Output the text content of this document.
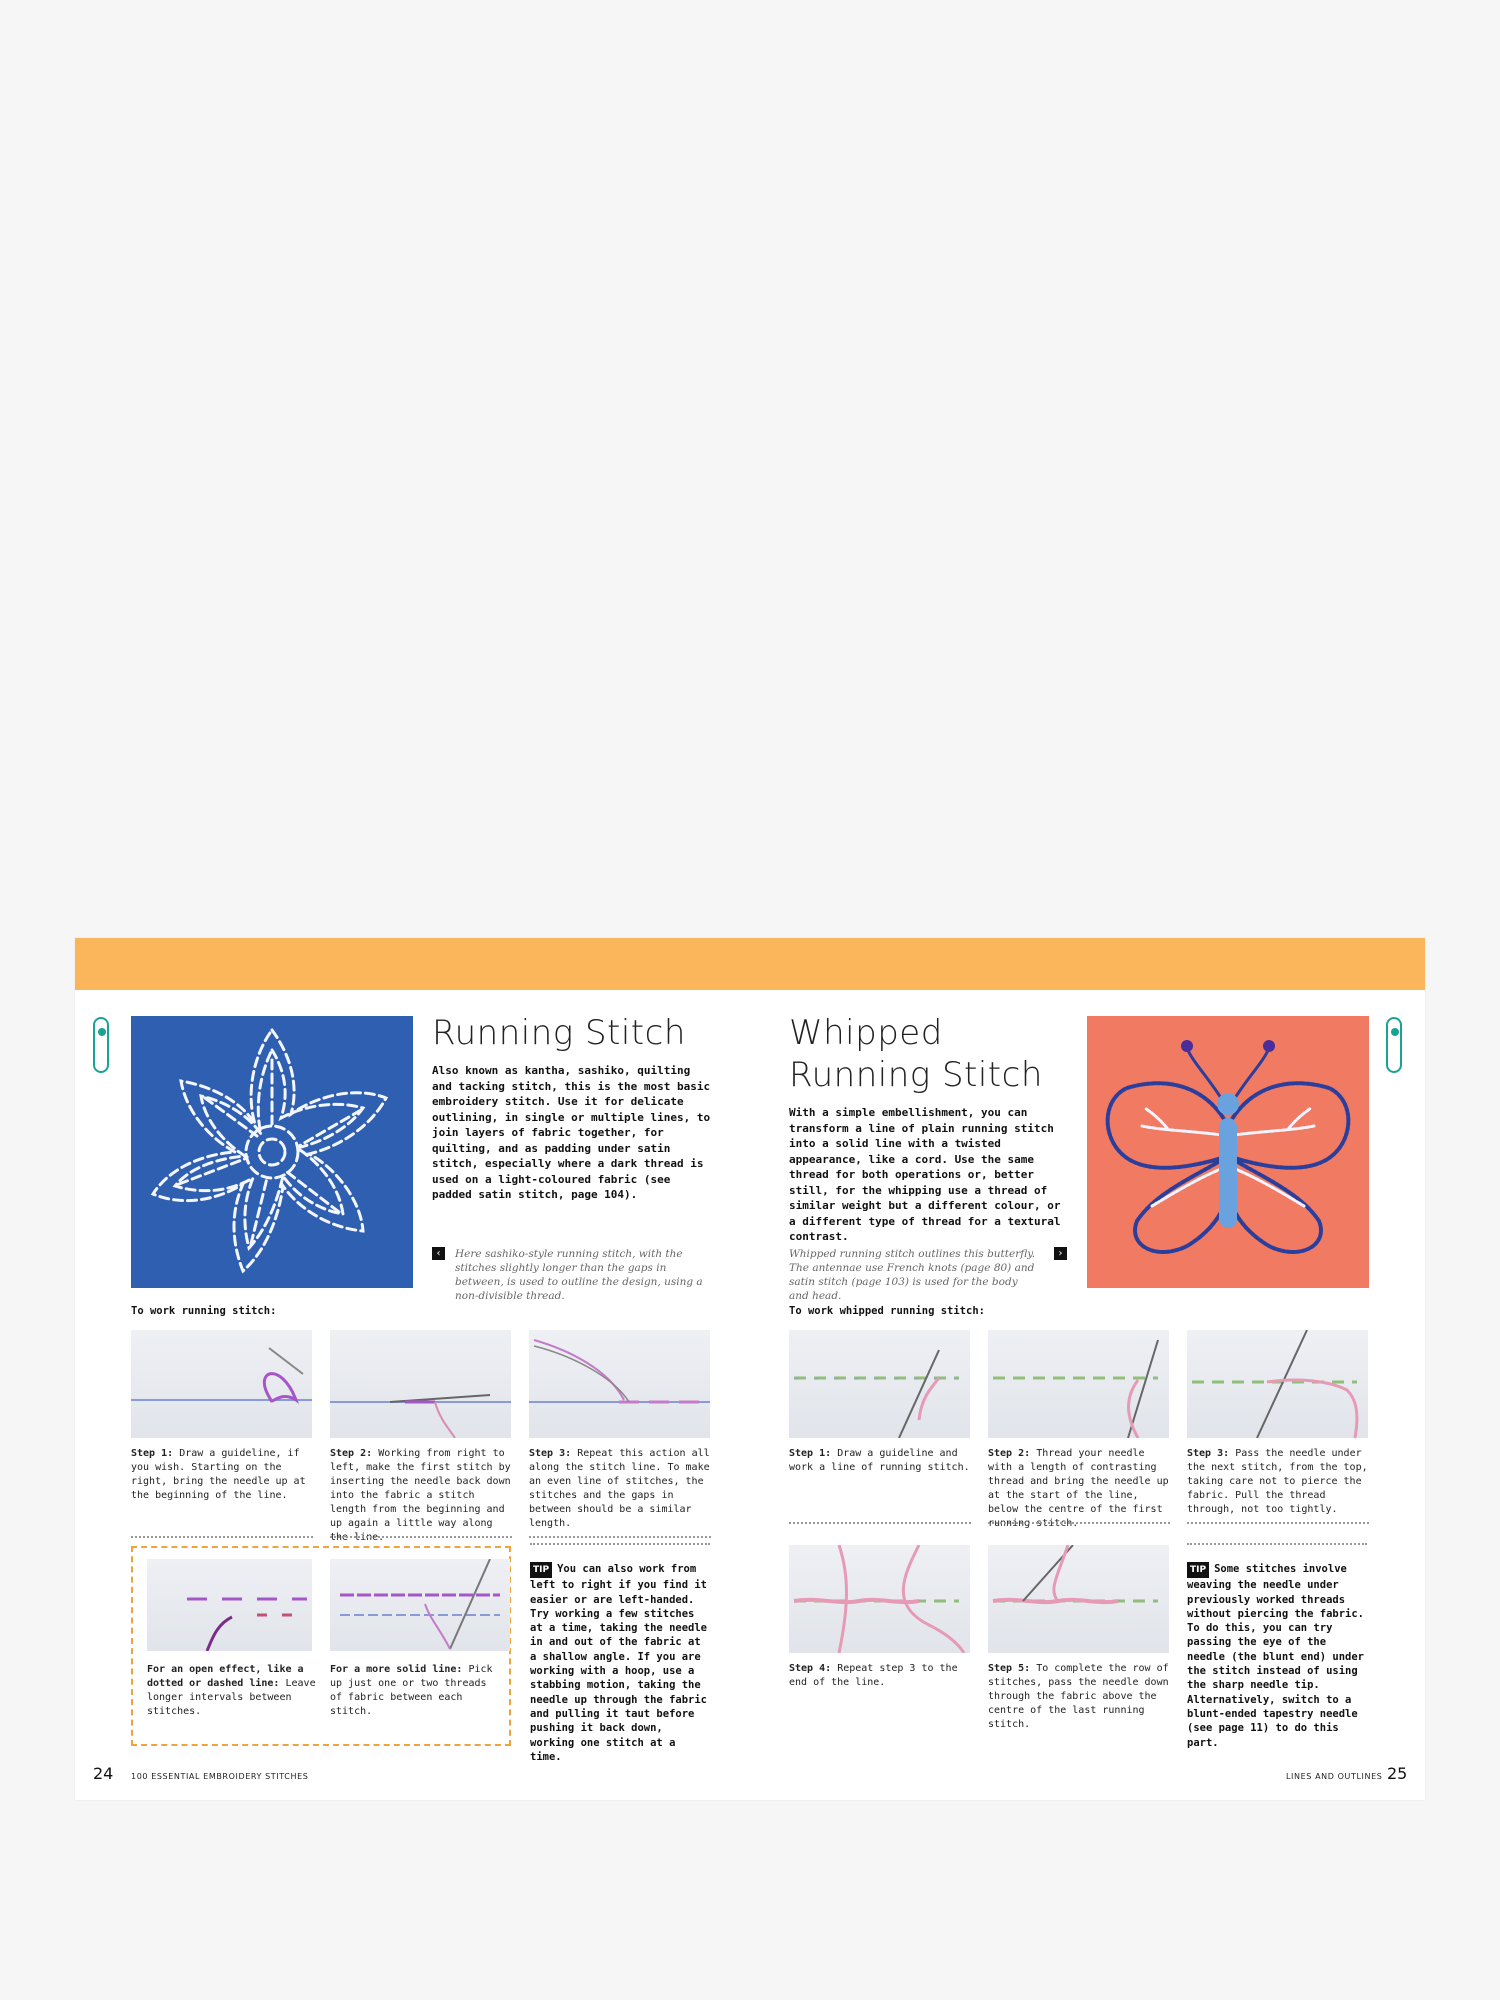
Running Stitch
Also known as kantha, sashiko, quilting and tacking stitch, this is the most basic embroidery stitch. Use it for delicate outlining, in single or multiple lines, to join layers of fabric together, for quilting, and as padding under satin stitch, especially where a dark thread is used on a light-coloured fabric (see padded satin stitch, page 104).
‹	Here sashiko-style running stitch, with the stitches slightly longer than the gaps in between, is used to outline the design, using a non-divisible thread.
To work running stitch:
Step 1: Draw a guideline, if you wish. Starting on the right, bring the needle up at the beginning of the line.
Step 2: Working from right to left, make the first stitch by inserting the needle back down into the fabric a stitch length from the beginning and up again a little way along the line.
Step 3: Repeat this action all along the stitch line. To make an even line of stitches, the stitches and the gaps in between should be a similar length.
For an open effect, like a dotted or dashed line: Leave longer intervals between stitches.
For a more solid line: Pick up just one or two threads of fabric between each stitch.
TIP You can also work from left to right if you find it easier or are left-handed. Try working a few stitches at a time, taking the needle in and out of the fabric at a shallow angle. If you are working with a hoop, use a stabbing motion, taking the needle up through the fabric and pulling it taut before pushing it back down, working one stitch at a time.
24 100 ESSENTIAL EMBROIDERY STITCHES
Whipped
Running Stitch
With a simple embellishment, you can transform a line of plain running stitch into a solid line with a twisted appearance, like a cord. Use the same thread for both operations or, better still, for the whipping use a thread of similar weight but a different colour, or a different type of thread for a textural contrast.
Whipped running stitch outlines this butterfly. The antennae use French knots (page 80) and satin stitch (page 103) is used for the body and head.
›
To work whipped running stitch:
Step 1: Draw a guideline and work a line of running stitch.
Step 2: Thread your needle with a length of contrasting thread and bring the needle up at the start of the line, below the centre of the first running stitch.
Step 3: Pass the needle under the next stitch, from the top, taking care not to pierce the fabric. Pull the thread through, not too tightly.
Step 4: Repeat step 3 to the end of the line.
Step 5: To complete the row of stitches, pass the needle down through the fabric above the centre of the last running stitch.
TIP Some stitches involve weaving the needle under previously worked threads without piercing the fabric. To do this, you can try passing the eye of the needle (the blunt end) under the stitch instead of using the sharp needle tip. Alternatively, switch to a blunt-ended tapestry needle (see page 11) to do this part.
LINES AND OUTLINES 25
